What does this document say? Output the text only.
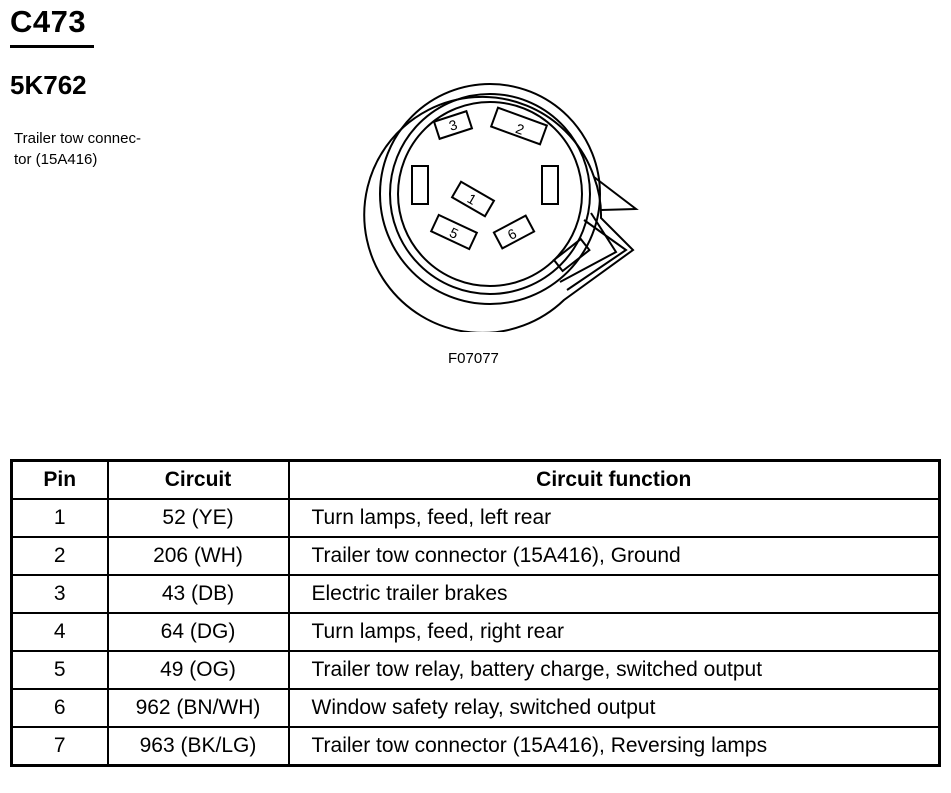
C473
5K762
Trailer tow connec-
tor (15A416)
3	2
1
5	6
F07077
Pin	Circuit	Circuit function
1	52 (YE)	Turn lamps, feed, left rear
2	206 (WH)	Trailer tow connector (15A416), Ground
3	43 (DB)	Electric trailer brakes
4	64 (DG)	Turn lamps, feed, right rear
5	49 (OG)	Trailer tow relay, battery charge, switched output
6	962 (BN/WH)	Window safety relay, switched output
7	963 (BK/LG)	Trailer tow connector (15A416), Reversing lamps
